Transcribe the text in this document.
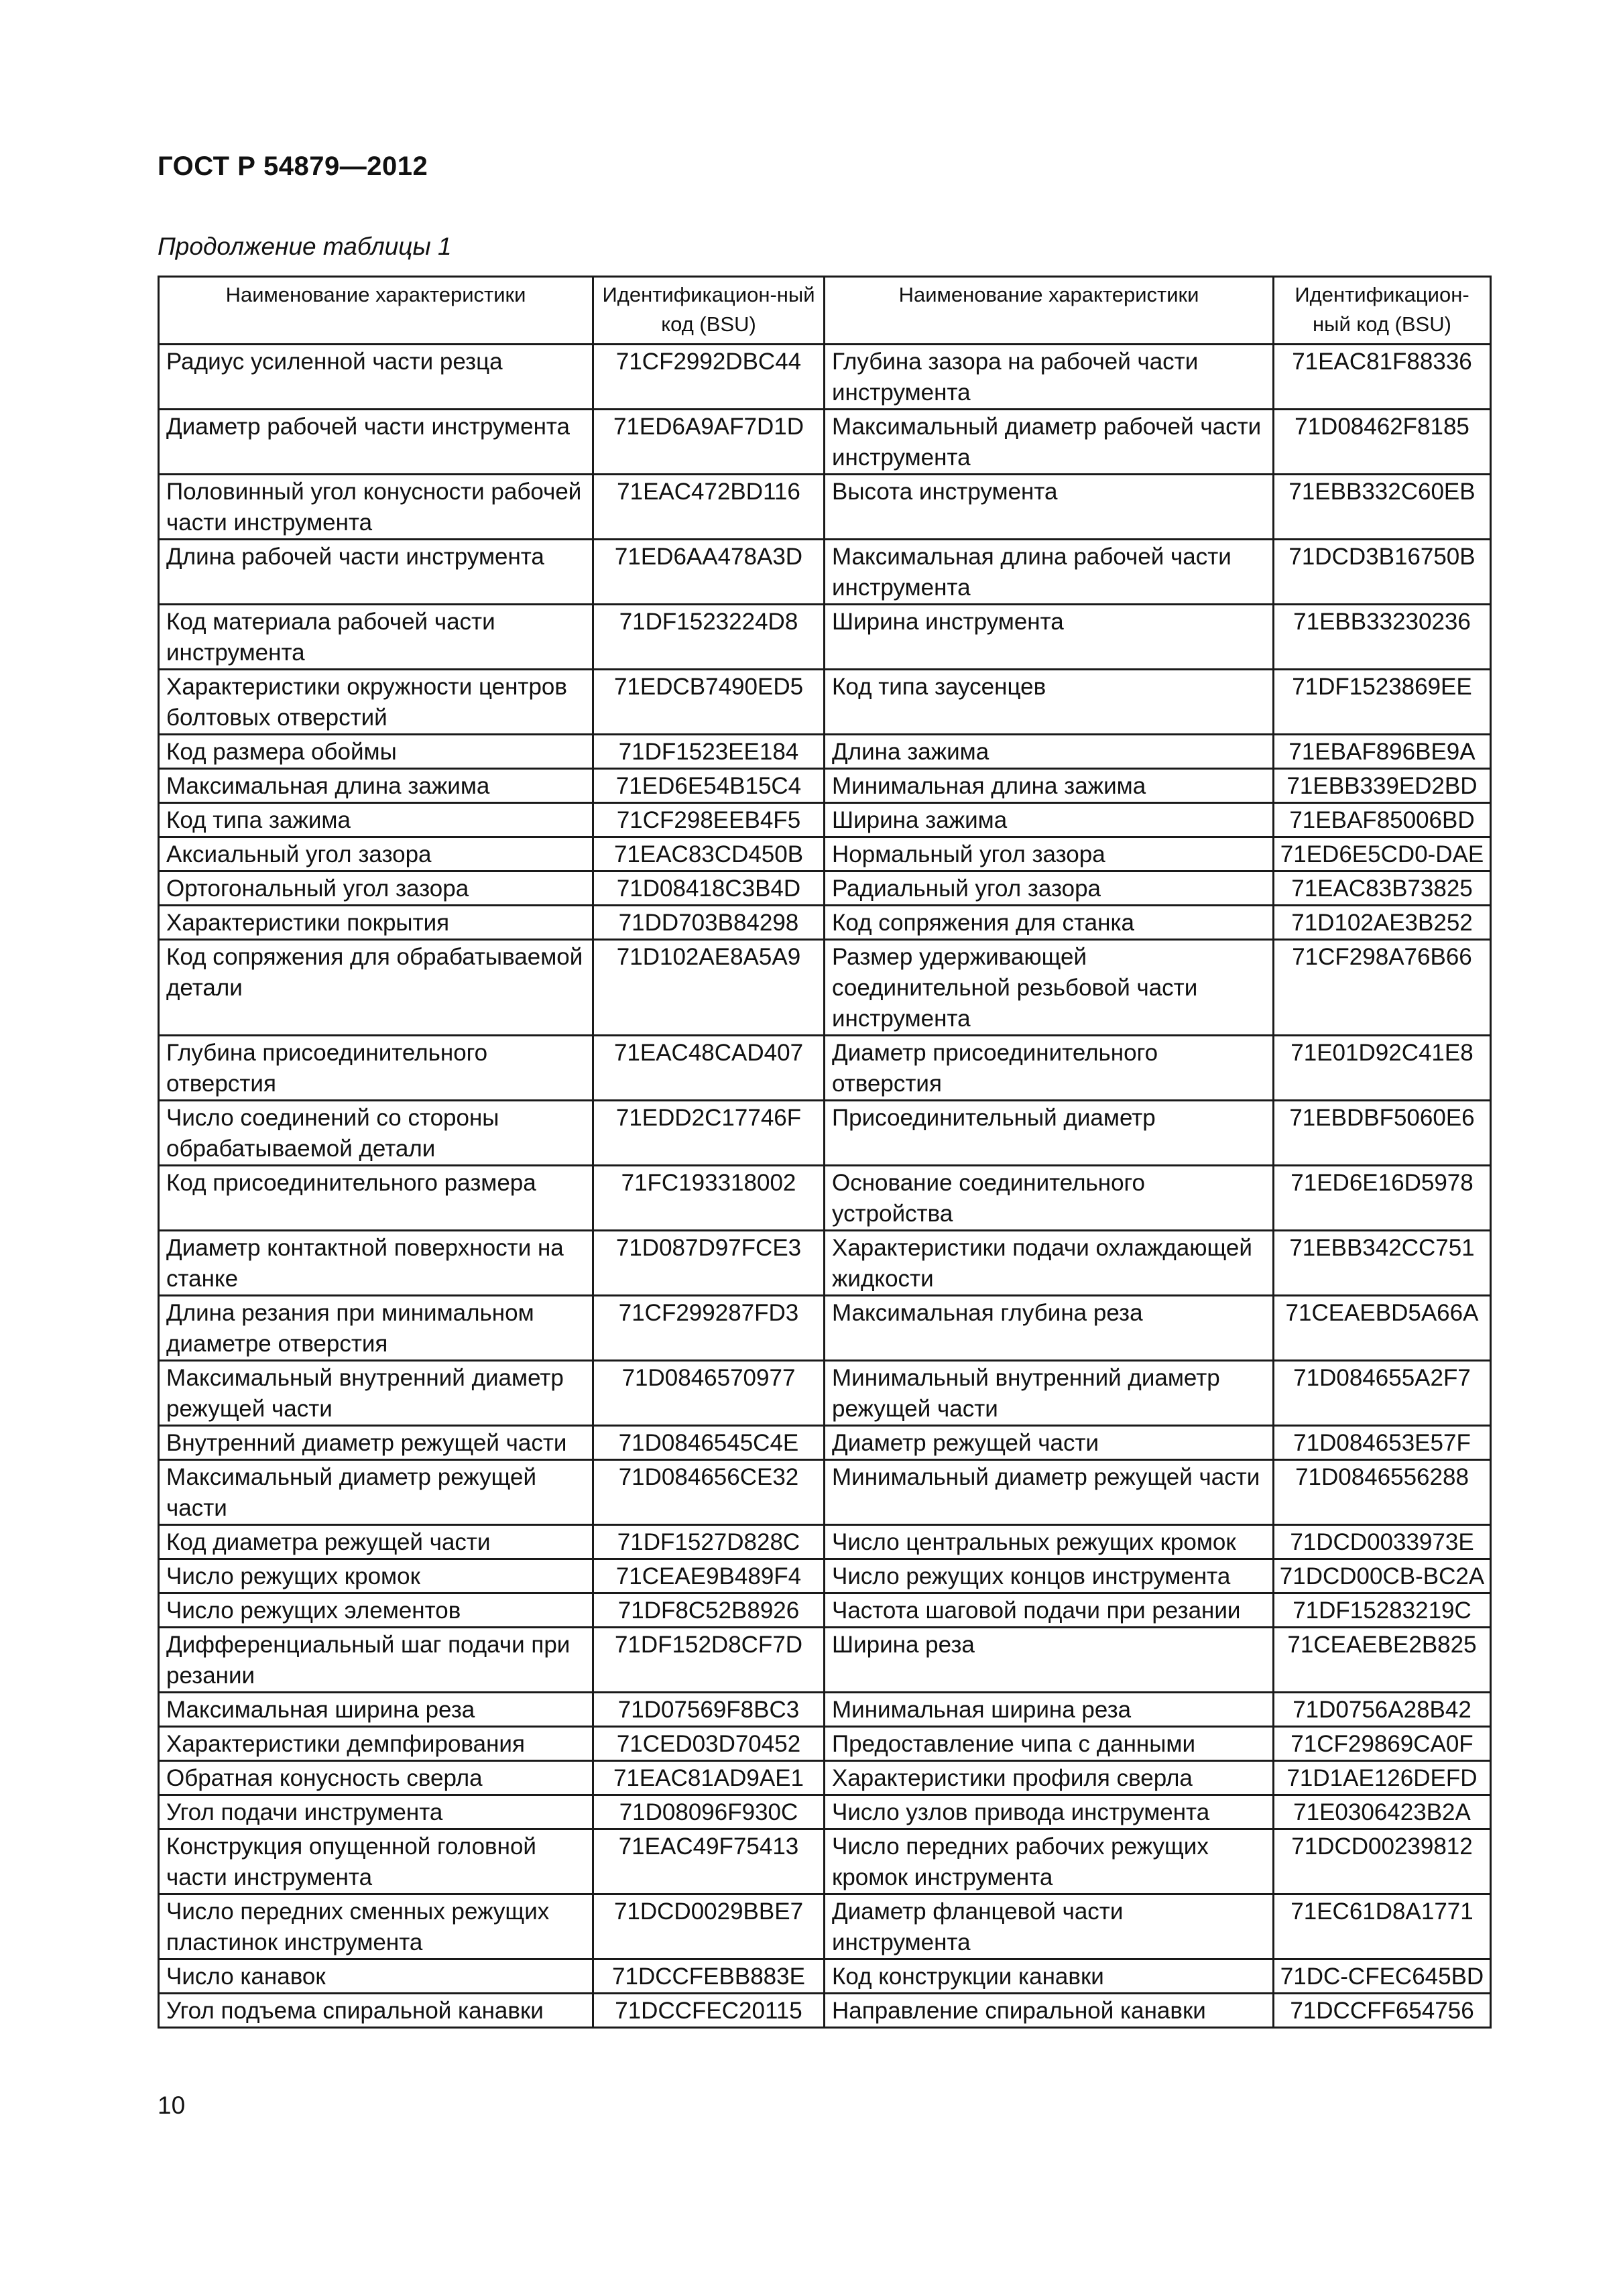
ГОСТ Р 54879—2012
Продолжение таблицы 1
Наименование характеристики	Идентификацион-ный код (BSU)	Наименование характеристики	Идентификацион-ный код (BSU)
Радиус усиленной части резца	71CF2992DBC44	Глубина зазора на рабочей части инструмента	71EAC81F88336
Диаметр рабочей части инструмента	71ED6A9AF7D1D	Максимальный диаметр рабочей части инструмента	71D08462F8185
Половинный угол конусности рабочей части инструмента	71EAC472BD116	Высота инструмента	71EBB332C60EB
Длина рабочей части инструмента	71ED6AA478A3D	Максимальная длина рабочей части инструмента	71DCD3B16750B
Код материала рабочей части инструмента	71DF1523224D8	Ширина инструмента	71EBB33230236
Характеристики окружности центров болтовых отверстий	71EDCB7490ED5	Код типа заусенцев	71DF1523869EE
Код размера обоймы	71DF1523EE184	Длина зажима	71EBAF896BE9A
Максимальная длина зажима	71ED6E54B15C4	Минимальная длина зажима	71EBB339ED2BD
Код типа зажима	71CF298EEB4F5	Ширина зажима	71EBAF85006BD
Аксиальный угол зазора	71EAC83CD450B	Нормальный угол зазора	71ED6E5CD0-DAE
Ортогональный угол зазора	71D08418C3B4D	Радиальный угол зазора	71EAC83B73825
Характеристики покрытия	71DD703B84298	Код сопряжения для станка	71D102AE3B252
Код сопряжения для обрабатываемой детали	71D102AE8A5A9	Размер удерживающей соединительной резьбовой части инструмента	71CF298A76B66
Глубина присоединительного отверстия	71EAC48CAD407	Диаметр присоединительного отверстия	71E01D92C41E8
Число соединений со стороны обрабатываемой детали	71EDD2C17746F	Присоединительный диаметр	71EBDBF5060E6
Код присоединительного размера	71FC193318002	Основание соединительного устройства	71ED6E16D5978
Диаметр контактной поверхности на станке	71D087D97FCE3	Характеристики подачи охлаждающей жидкости	71EBB342CC751
Длина резания при минимальном диаметре отверстия	71CF299287FD3	Максимальная глубина реза	71CEAEBD5A66A
Максимальный внутренний диаметр режущей части	71D0846570977	Минимальный внутренний диаметр режущей части	71D084655A2F7
Внутренний диаметр режущей части	71D0846545C4E	Диаметр режущей части	71D084653E57F
Максимальный диаметр режущей части	71D084656CE32	Минимальный диаметр режущей части	71D0846556288
Код диаметра режущей части	71DF1527D828C	Число центральных режущих кромок	71DCD0033973E
Число режущих кромок	71CEAE9B489F4	Число режущих концов инструмента	71DCD00CB-BC2A
Число режущих элементов	71DF8C52B8926	Частота шаговой подачи при резании	71DF15283219C
Дифференциальный шаг подачи при резании	71DF152D8CF7D	Ширина реза	71CEAEBE2B825
Максимальная ширина реза	71D07569F8BC3	Минимальная ширина реза	71D0756A28B42
Характеристики демпфирования	71CED03D70452	Предоставление чипа с данными	71CF29869CA0F
Обратная конусность сверла	71EAC81AD9AE1	Характеристики профиля сверла	71D1AE126DEFD
Угол подачи инструмента	71D08096F930C	Число узлов привода инструмента	71E0306423B2A
Конструкция опущенной головной части инструмента	71EAC49F75413	Число передних рабочих режущих кромок инструмента	71DCD00239812
Число передних сменных режущих пластинок инструмента	71DCD0029BBE7	Диаметр фланцевой части инструмента	71EC61D8A1771
Число канавок	71DCCFEBB883E	Код конструкции канавки	71DC-CFEC645BD
Угол подъема спиральной канавки	71DCCFEC20115	Направление спиральной канавки	71DCCFF654756
10
